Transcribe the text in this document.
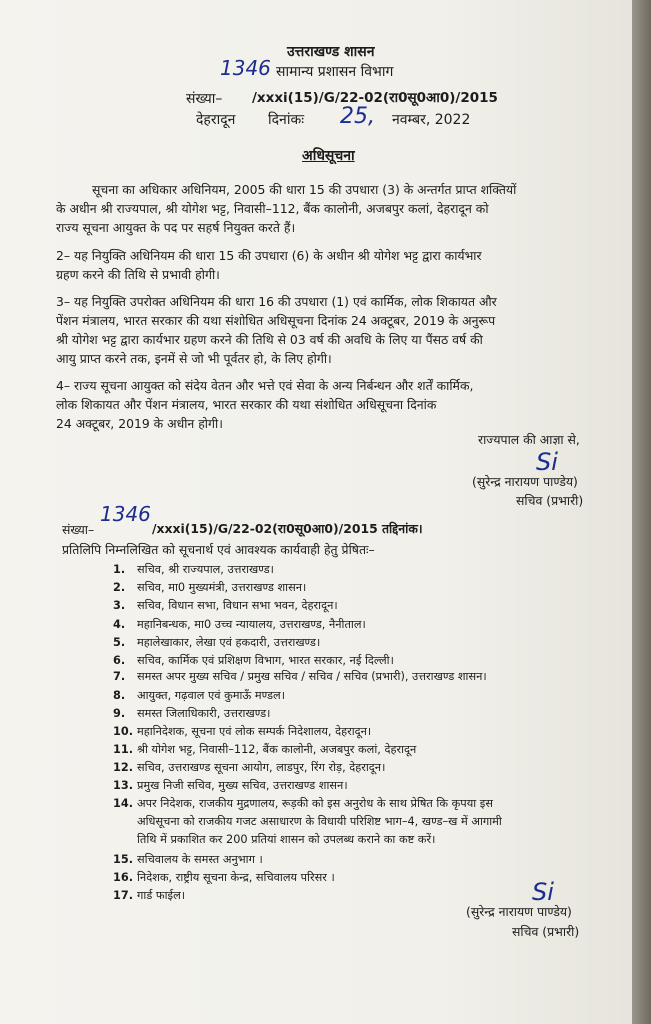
उत्तराखण्ड शासन
सामान्य प्रशासन विभाग
1346
संख्या– /xxxi(15)/G/22-02(रा0सू0आ0)/2015
देहरादून दिनांकः 25, नवम्बर, 2022
अधिसूचना
सूचना का अधिकार अधिनियम, 2005 की धारा 15 की उपधारा (3) के अन्तर्गत प्राप्त शक्तियों
के अधीन श्री राज्यपाल, श्री योगेश भट्ट, निवासी–112, बैंक कालोनी, अजबपुर कलां, देहरादून को
राज्य सूचना आयुक्त के पद पर सहर्ष नियुक्त करते हैं।
2– यह नियुक्ति अधिनियम की धारा 15 की उपधारा (6) के अधीन श्री योगेश भट्ट द्वारा कार्यभार
ग्रहण करने की तिथि से प्रभावी होगी।
3– यह नियुक्ति उपरोक्त अधिनियम की धारा 16 की उपधारा (1) एवं कार्मिक, लोक शिकायत और
पेंशन मंत्रालय, भारत सरकार की यथा संशोधित अधिसूचना दिनांक 24 अक्टूबर, 2019 के अनुरूप
श्री योगेश भट्ट द्वारा कार्यभार ग्रहण करने की तिथि से 03 वर्ष की अवधि के लिए या पैंसठ वर्ष की
आयु प्राप्त करने तक, इनमें से जो भी पूर्वतर हो, के लिए होगी।
4– राज्य सूचना आयुक्त को संदेय वेतन और भत्ते एवं सेवा के अन्य निर्बन्धन और शर्तें कार्मिक,
लोक शिकायत और पेंशन मंत्रालय, भारत सरकार की यथा संशोधित अधिसूचना दिनांक
24 अक्टूबर, 2019 के अधीन होगी।
राज्यपाल की आज्ञा से,
Si
(सुरेन्द्र नारायण पाण्डेय)
सचिव (प्रभारी)
1346
संख्या–	/xxxi(15)/G/22-02(रा0सू0आ0)/2015 तद्दिनांक।
प्रतिलिपि निम्नलिखित को सूचनार्थ एवं आवश्यक कार्यवाही हेतु प्रेषितः–
1. सचिव, श्री राज्यपाल, उत्तराखण्ड।
2. सचिव, मा0 मुख्यमंत्री, उत्तराखण्ड शासन।
3. सचिव, विधान सभा, विधान सभा भवन, देहरादून।
4. महानिबन्धक, मा0 उच्च न्यायालय, उत्तराखण्ड, नैनीताल।
5. महालेखाकार, लेखा एवं हकदारी, उत्तराखण्ड।
6. सचिव, कार्मिक एवं प्रशिक्षण विभाग, भारत सरकार, नई दिल्ली।
7. समस्त अपर मुख्य सचिव / प्रमुख सचिव / सचिव / सचिव (प्रभारी), उत्तराखण्ड शासन।
8. आयुक्त, गढ़वाल एवं कुमाऊँ मण्डल।
9. समस्त जिलाधिकारी, उत्तराखण्ड।
10. महानिदेशक, सूचना एवं लोक सम्पर्क निदेशालय, देहरादून।
11. श्री योगेश भट्ट, निवासी–112, बैंक कालोनी, अजबपुर कलां, देहरादून
12. सचिव, उत्तराखण्ड सूचना आयोग, लाडपुर, रिंग रोड़, देहरादून।
13. प्रमुख निजी सचिव, मुख्य सचिव, उत्तराखण्ड शासन।
14. अपर निदेशक, राजकीय मुद्रणालय, रूड़की को इस अनुरोध के साथ प्रेषित कि कृपया इस
अधिसूचना को राजकीय गजट असाधारण के विधायी परिशिष्ट भाग–4, खण्ड–ख में आगामी
तिथि में प्रकाशित कर 200 प्रतियां शासन को उपलब्ध कराने का कष्ट करें।
15. सचिवालय के समस्त अनुभाग ।
16. निदेशक, राष्ट्रीय सूचना केन्द्र, सचिवालय परिसर ।
17. गार्ड फाईल।	Si
(सुरेन्द्र नारायण पाण्डेय)
सचिव (प्रभारी)
